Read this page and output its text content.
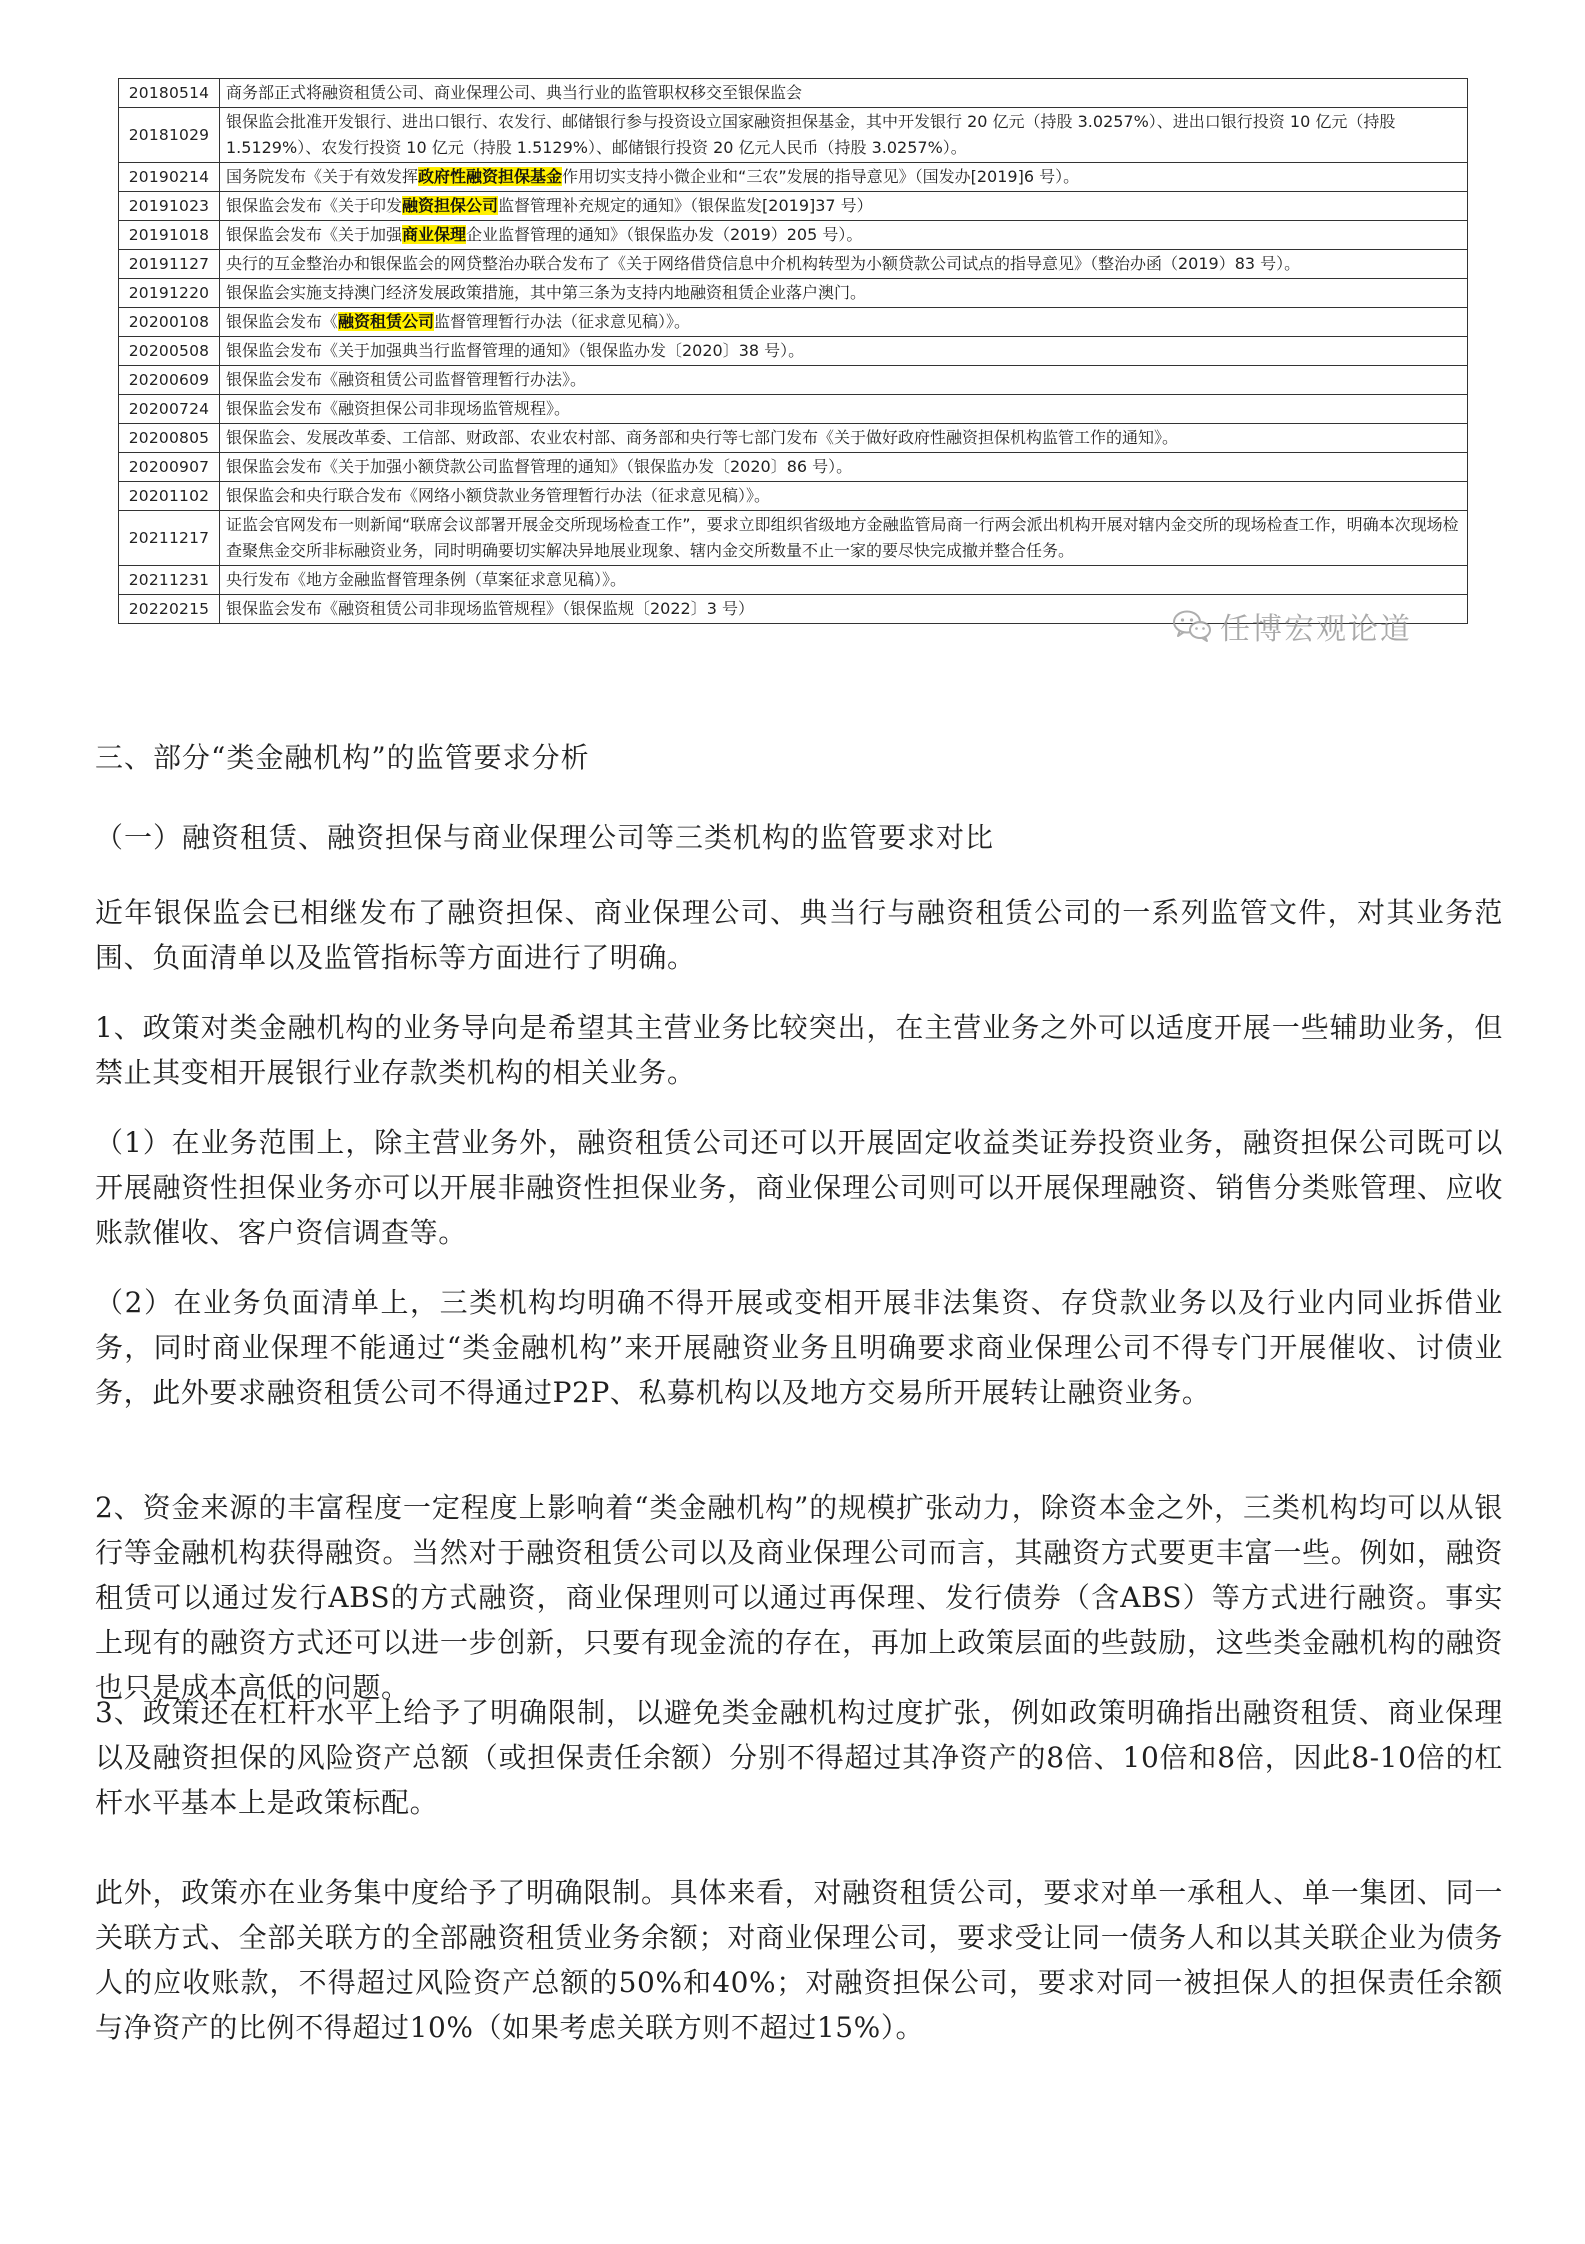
20180514	商务部正式将融资租赁公司、商业保理公司、典当行业的监管职权移交至银保监会
20181029	银保监会批准开发银行、进出口银行、农发行、邮储银行参与投资设立国家融资担保基金，其中开发银行 20 亿元（持股 3.0257%）、进出口银行投资 10 亿元（持股 1.5129%）、农发行投资 10 亿元（持股 1.5129%）、邮储银行投资 20 亿元人民币（持股 3.0257%）。
20190214	国务院发布《关于有效发挥政府性融资担保基金作用切实支持小微企业和“三农”发展的指导意见》（国发办[2019]6 号）。
20191023	银保监会发布《关于印发融资担保公司监督管理补充规定的通知》（银保监发[2019]37 号）
20191018	银保监会发布《关于加强商业保理企业监督管理的通知》（银保监办发（2019）205 号）。
20191127	央行的互金整治办和银保监会的网贷整治办联合发布了《关于网络借贷信息中介机构转型为小额贷款公司试点的指导意见》（整治办函（2019）83 号）。
20191220	银保监会实施支持澳门经济发展政策措施，其中第三条为支持内地融资租赁企业落户澳门。
20200108	银保监会发布《融资租赁公司监督管理暂行办法（征求意见稿）》。
20200508	银保监会发布《关于加强典当行监督管理的通知》（银保监办发〔2020〕38 号）。
20200609	银保监会发布《融资租赁公司监督管理暂行办法》。
20200724	银保监会发布《融资担保公司非现场监管规程》。
20200805	银保监会、发展改革委、工信部、财政部、农业农村部、商务部和央行等七部门发布《关于做好政府性融资担保机构监管工作的通知》。
20200907	银保监会发布《关于加强小额贷款公司监督管理的通知》（银保监办发〔2020〕86 号）。
20201102	银保监会和央行联合发布《网络小额贷款业务管理暂行办法（征求意见稿）》。
20211217	证监会官网发布一则新闻“联席会议部署开展金交所现场检查工作”，要求立即组织省级地方金融监管局商一行两会派出机构开展对辖内金交所的现场检查工作，明确本次现场检查聚焦金交所非标融资业务，同时明确要切实解决异地展业现象、辖内金交所数量不止一家的要尽快完成撤并整合任务。
20211231	央行发布《地方金融监督管理条例（草案征求意见稿）》。
20220215	银保监会发布《融资租赁公司非现场监管规程》（银保监规〔2022〕3 号）
任博宏观论道
三、部分“类金融机构”的监管要求分析
（一）融资租赁、融资担保与商业保理公司等三类机构的监管要求对比

近年银保监会已相继发布了融资担保、商业保理公司、典当行与融资租赁公司的一系列监管文件，对其业务范围、负面清单以及监管指标等方面进行了明确。

1、政策对类金融机构的业务导向是希望其主营业务比较突出，在主营业务之外可以适度开展一些辅助业务，但禁止其变相开展银行业存款类机构的相关业务。

（1）在业务范围上，除主营业务外，融资租赁公司还可以开展固定收益类证券投资业务，融资担保公司既可以开展融资性担保业务亦可以开展非融资性担保业务，商业保理公司则可以开展保理融资、销售分类账管理、应收账款催收、客户资信调查等。

（2）在业务负面清单上，三类机构均明确不得开展或变相开展非法集资、存贷款业务以及行业内同业拆借业务，同时商业保理不能通过“类金融机构”来开展融资业务且明确要求商业保理公司不得专门开展催收、讨债业务，此外要求融资租赁公司不得通过P2P、私募机构以及地方交易所开展转让融资业务。

2、资金来源的丰富程度一定程度上影响着“类金融机构”的规模扩张动力，除资本金之外，三类机构均可以从银行等金融机构获得融资。当然对于融资租赁公司以及商业保理公司而言，其融资方式要更丰富一些。例如，融资租赁可以通过发行ABS的方式融资，商业保理则可以通过再保理、发行债券（含ABS）等方式进行融资。事实上现有的融资方式还可以进一步创新，只要有现金流的存在，再加上政策层面的些鼓励，这些类金融机构的融资也只是成本高低的问题。

3、政策还在杠杆水平上给予了明确限制，以避免类金融机构过度扩张，例如政策明确指出融资租赁、商业保理以及融资担保的风险资产总额（或担保责任余额）分别不得超过其净资产的8倍、10倍和8倍，因此8-10倍的杠杆水平基本上是政策标配。

此外，政策亦在业务集中度给予了明确限制。具体来看，对融资租赁公司，要求对单一承租人、单一集团、同一关联方式、全部关联方的全部融资租赁业务余额；对商业保理公司，要求受让同一债务人和以其关联企业为债务人的应收账款，不得超过风险资产总额的50%和40%；对融资担保公司，要求对同一被担保人的担保责任余额与净资产的比例不得超过10%（如果考虑关联方则不超过15%）。
